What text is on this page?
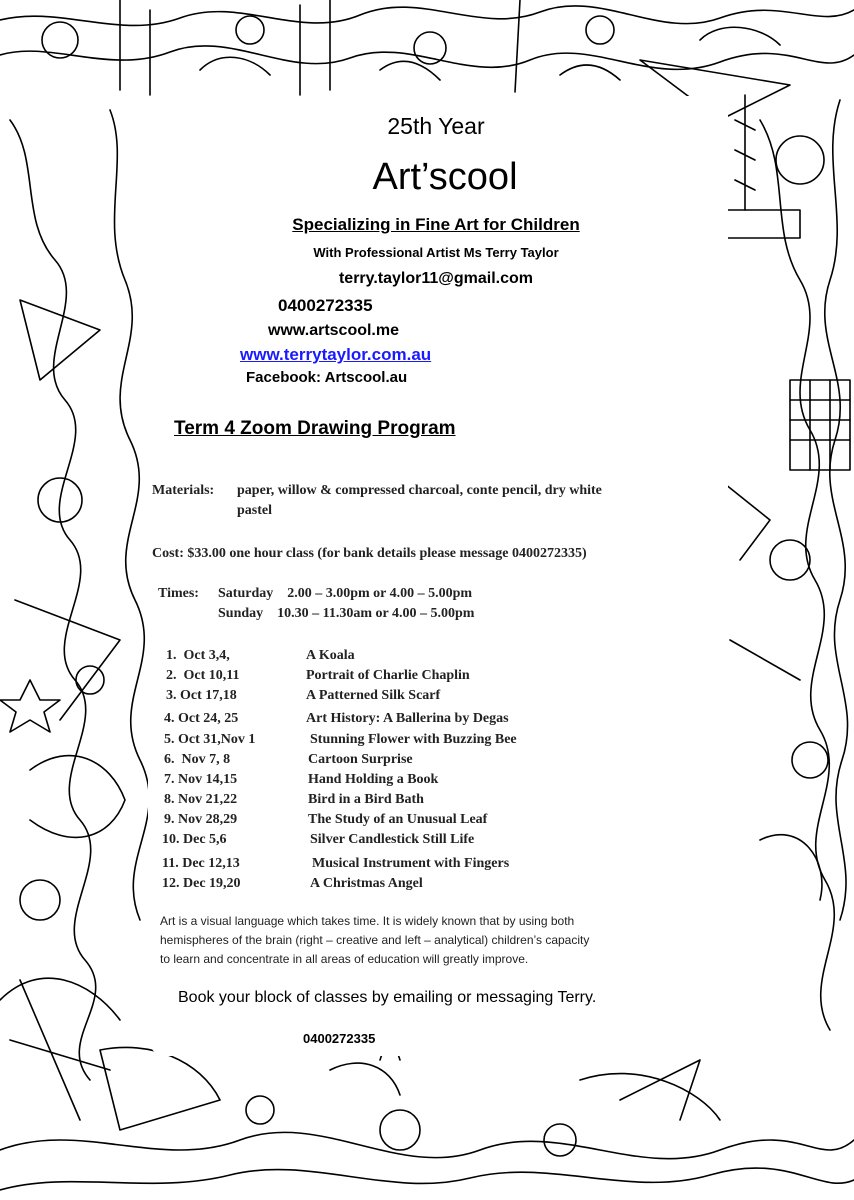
25th Year
Art’scool
Specializing in Fine Art for Children
With Professional Artist Ms Terry Taylor
terry.taylor11@gmail.com
0400272335
www.artscool.me
www.terrytaylor.com.au
Facebook: Artscool.au
Term 4 Zoom Drawing Program
Materials: paper, willow & compressed charcoal, conte pencil, dry white
pastel
Cost: $33.00 one hour class (for bank details please message 0400272335)
Times: Saturday    2.00 – 3.00pm or 4.00 – 5.00pm
Sunday    10.30 – 11.30am or 4.00 – 5.00pm
1.  Oct 3,4,	A Koala
2.  Oct 10,11	Portrait of Charlie Chaplin
3. Oct 17,18	A Patterned Silk Scarf
4. Oct 24, 25	Art History: A Ballerina by Degas
5. Oct 31,Nov 1	Stunning Flower with Buzzing Bee
6.  Nov 7, 8	Cartoon Surprise
7. Nov 14,15	Hand Holding a Book
8. Nov 21,22	Bird in a Bird Bath
9. Nov 28,29	The Study of an Unusual Leaf
10. Dec 5,6	Silver Candlestick Still Life
11. Dec 12,13	Musical Instrument with Fingers
12. Dec 19,20	A Christmas Angel
Art is a visual language which takes time. It is widely known that by using both
hemispheres of the brain (right – creative and left – analytical) children’s capacity
to learn and concentrate in all areas of education will greatly improve.
Book your block of classes by emailing or messaging Terry.
0400272335
